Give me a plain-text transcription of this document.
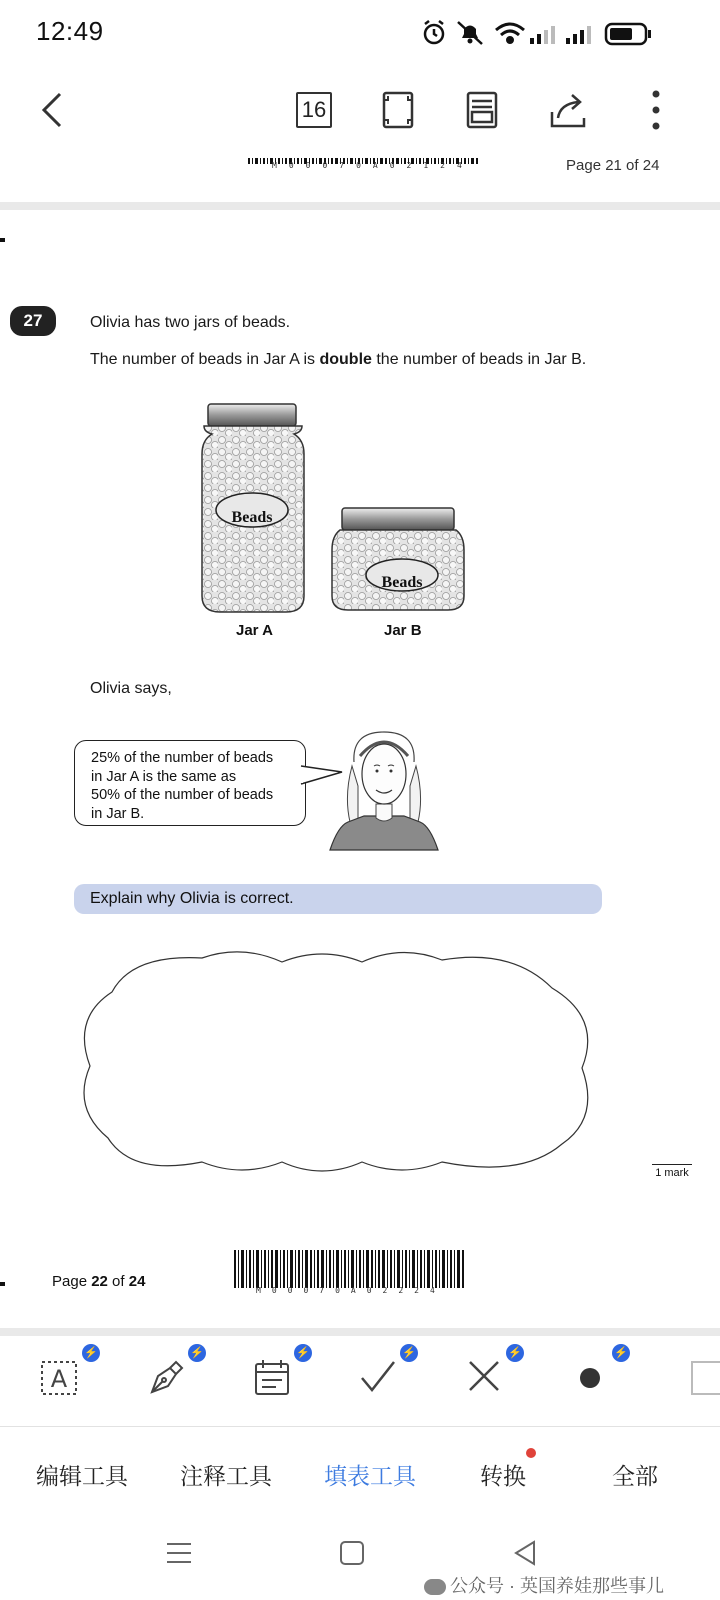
12:49
16
M00070A02124	Page 21 of 24
27	Olivia has two jars of beads.
The number of beads in Jar A is double the number of beads in Jar B.
Beads
Beads
Jar A	Jar B
Olivia says,
25% of the number of beads
in Jar A is the same as
50% of the number of beads
in Jar B.
Explain why Olivia is correct.
1 mark
Page 22 of 24
M00070A02224
A
⚡	⚡	⚡	⚡	⚡	⚡
编辑工具 注释工具 填表工具	转换	全部
公众号 · 英国养娃那些事儿
